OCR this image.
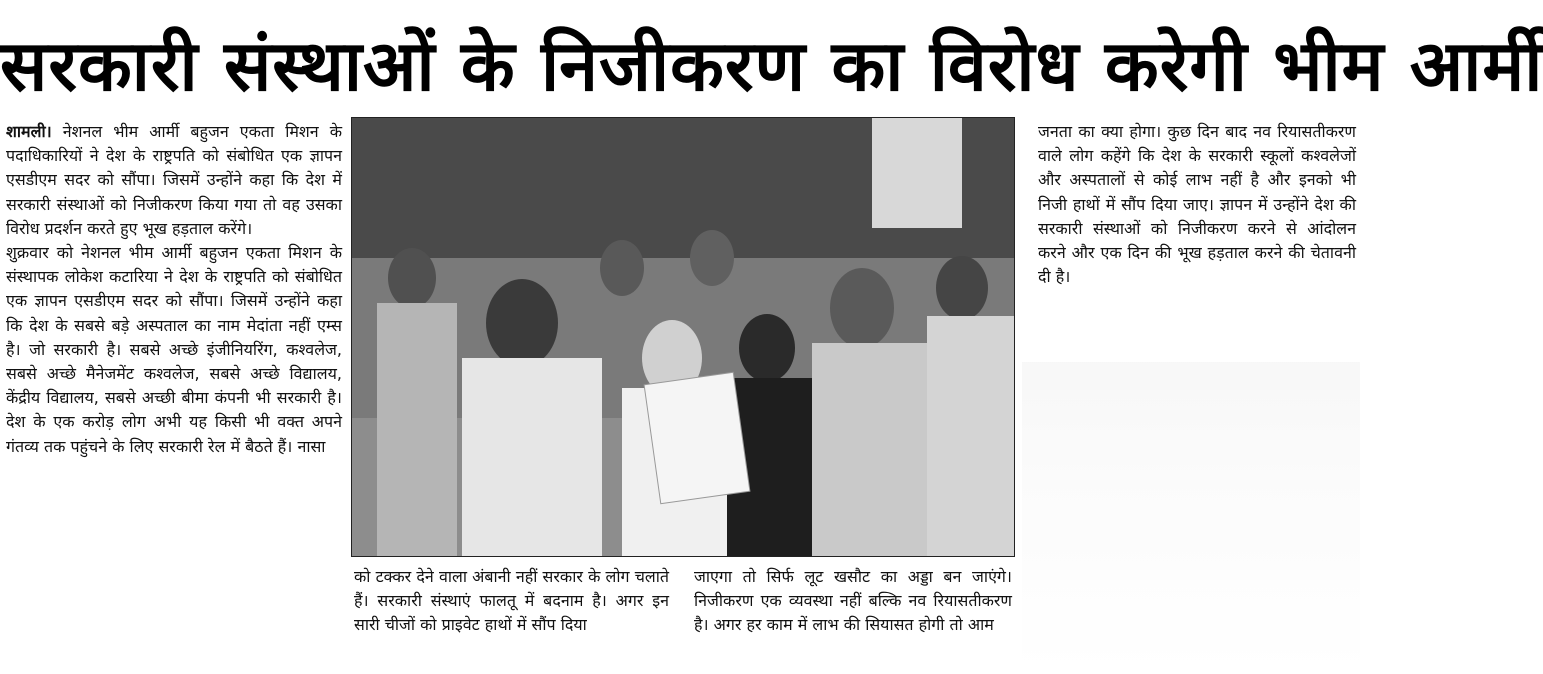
सरकारी संस्थाओं के निजीकरण का विरोध करेगी भीम आर्मी

शामली। नेशनल भीम आर्मी बहुजन एकता मिशन के पदाधिकारियों ने देश के राष्ट्रपति को संबोधित एक ज्ञापन एसडीएम सदर को सौंपा। जिसमें उन्होंने कहा कि देश में सरकारी संस्थाओं को निजीकरण किया गया तो वह उसका विरोध प्रदर्शन करते हुए भूख हड़ताल करेंगे।

शुक्रवार को नेशनल भीम आर्मी बहुजन एकता मिशन के संस्थापक लोकेश कटारिया ने देश के राष्ट्रपति को संबोधित एक ज्ञापन एसडीएम सदर को सौंपा। जिसमें उन्होंने कहा कि देश के सबसे बड़े अस्पताल का नाम मेदांता नहीं एम्स है। जो सरकारी है। सबसे अच्छे इंजीनियरिंग, कश्वलेज, सबसे अच्छे मैनेजमेंट कश्वलेज, सबसे अच्छे विद्यालय, केंद्रीय विद्यालय, सबसे अच्छी बीमा कंपनी भी सरकारी है। देश के एक करोड़ लोग अभी यह किसी भी वक्त अपने गंतव्य तक पहुंचने के लिए सरकारी रेल में बैठते हैं। नासा

को टक्कर देने वाला अंबानी नहीं सरकार के लोग चलाते हैं। सरकारी संस्थाएं फालतू में बदनाम है। अगर इन सारी चीजों को प्राइवेट हाथों में सौंप दिया
जाएगा तो सिर्फ लूट खसौट का अड्डा बन जाएंगे। निजीकरण एक व्यवस्था नहीं बल्कि नव रियासतीकरण है। अगर हर काम में लाभ की सियासत होगी तो आम
जनता का क्या होगा। कुछ दिन बाद नव रियासतीकरण वाले लोग कहेंगे कि देश के सरकारी स्कूलों कश्वलेजों और अस्पतालों से कोई लाभ नहीं है और इनको भी निजी हाथों में सौंप दिया जाए। ज्ञापन में उन्होंने देश की सरकारी संस्थाओं को निजीकरण करने से आंदोलन करने और एक दिन की भूख हड़ताल करने की चेतावनी दी है।
